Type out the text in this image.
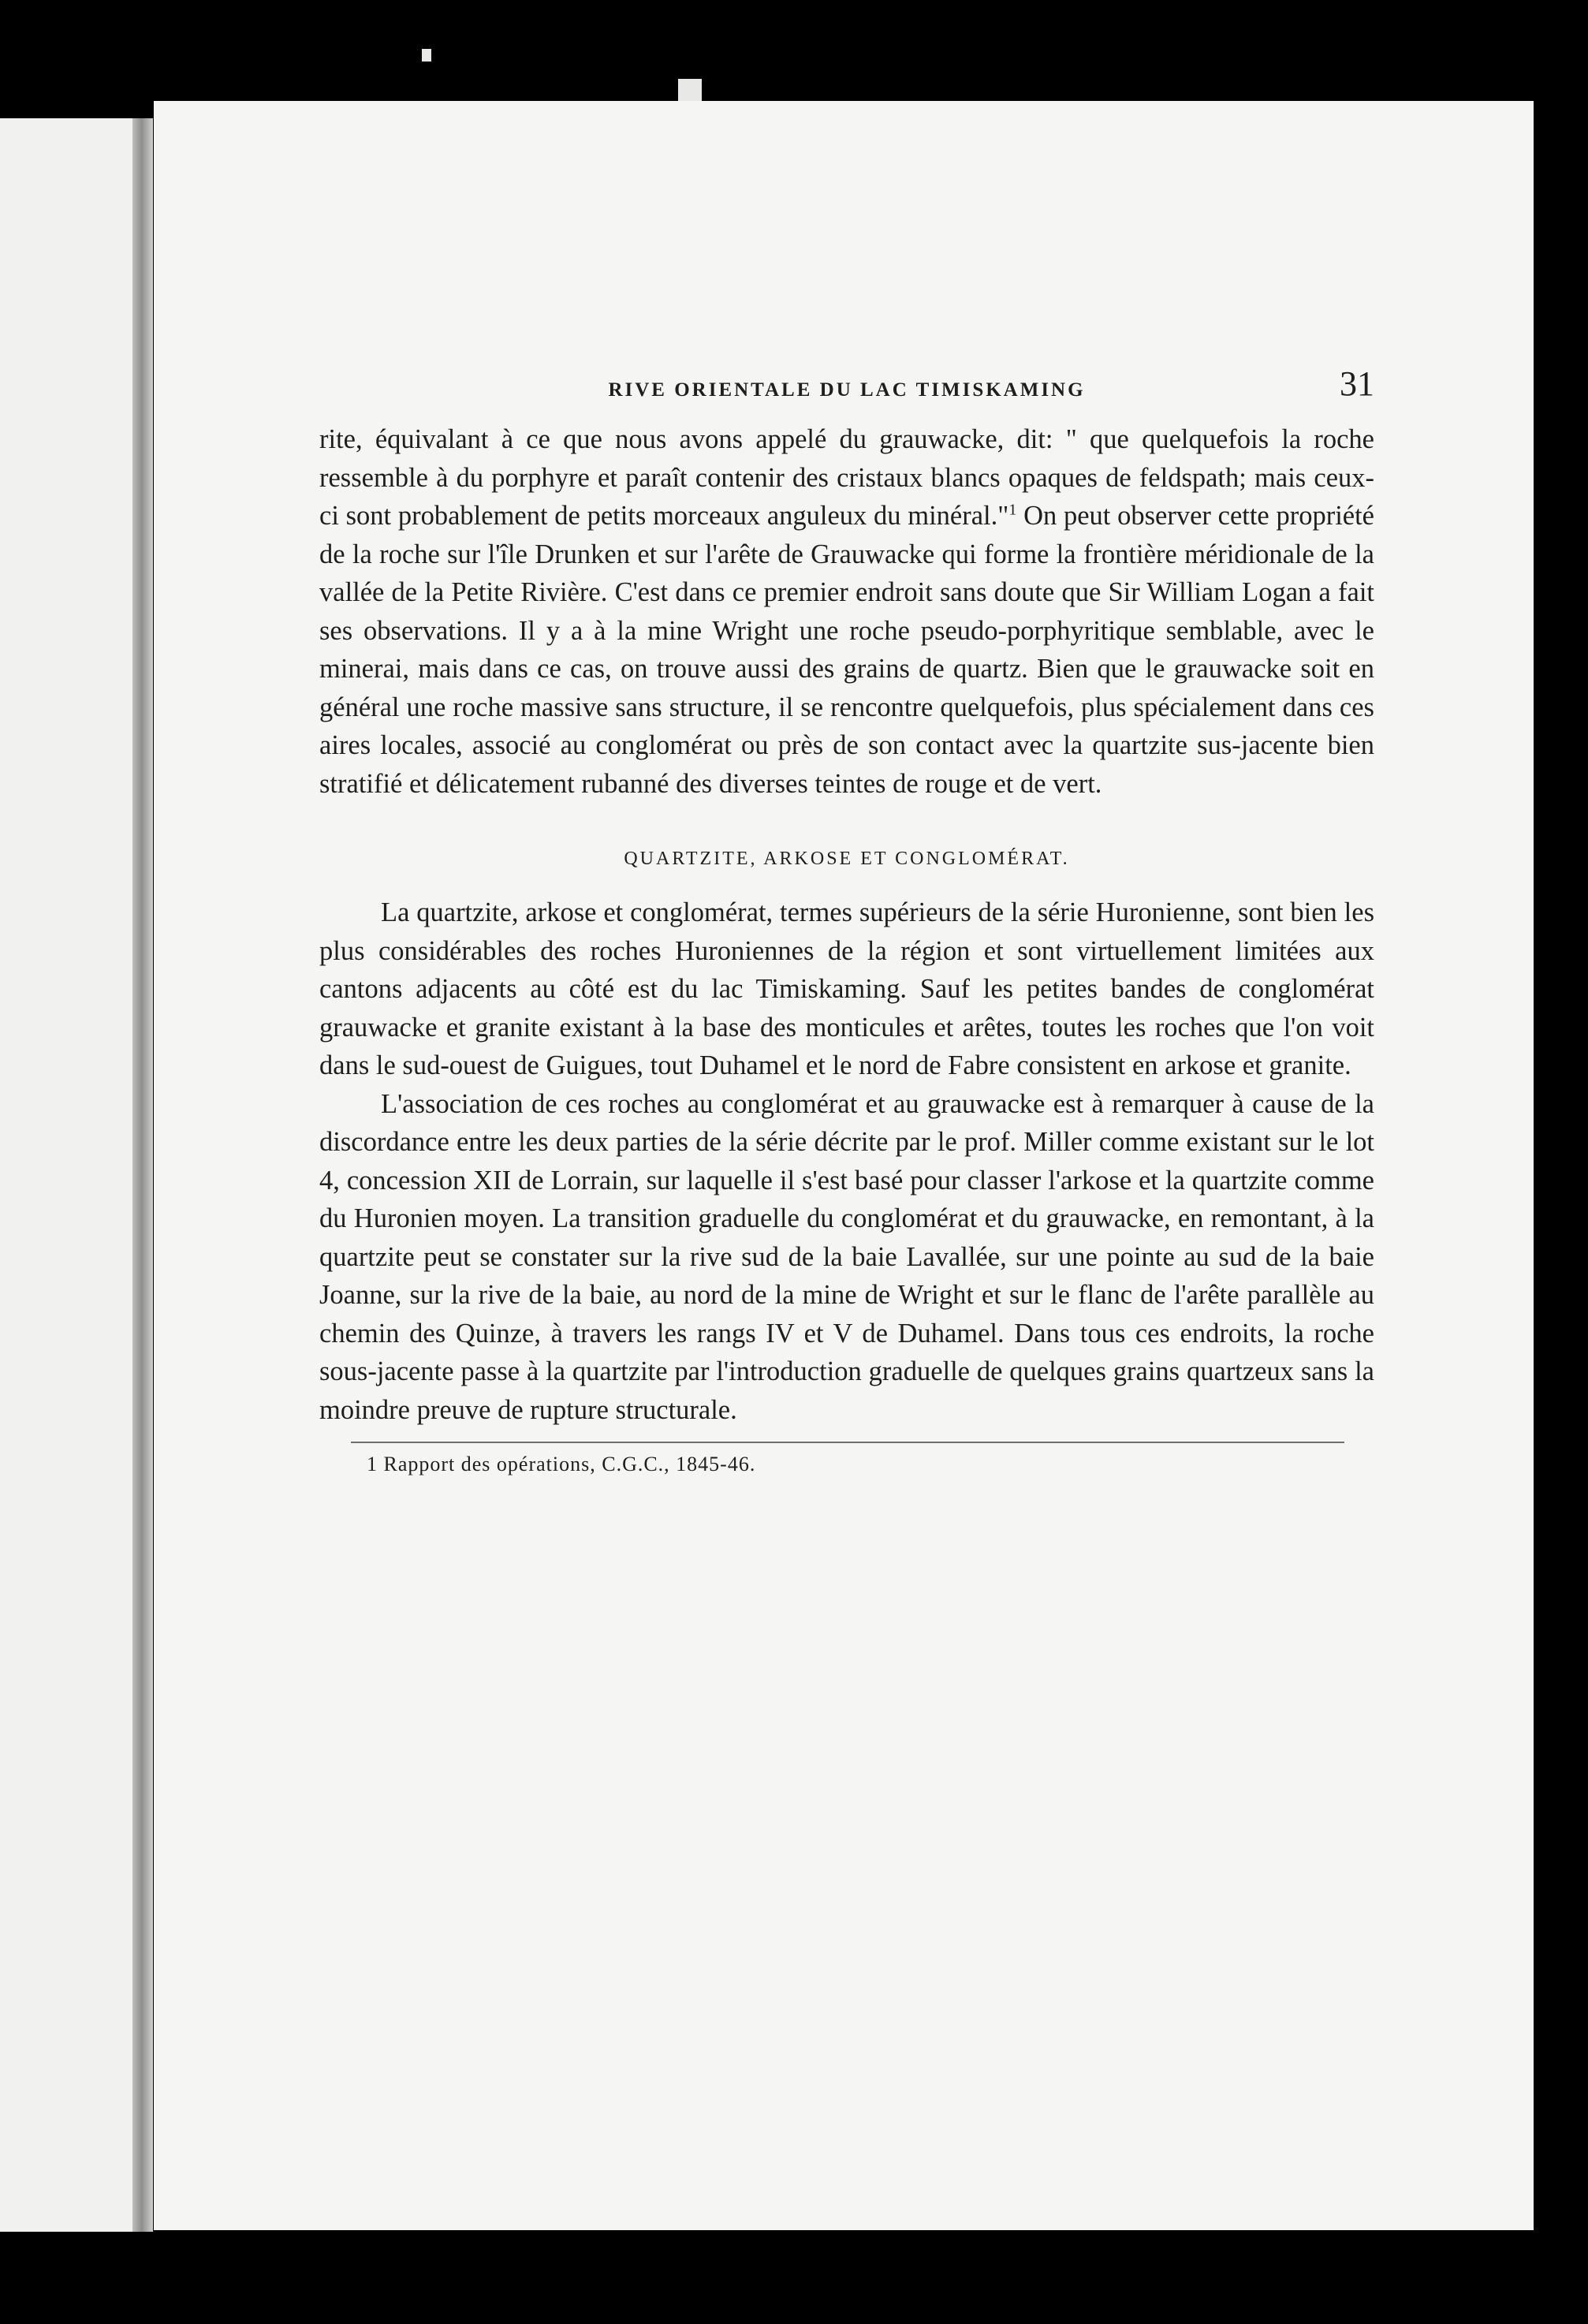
RIVE ORIENTALE DU LAC TIMISKAMING	31

rite, équivalant à ce que nous avons appelé du grauwacke, dit: " que quelquefois la roche ressemble à du porphyre et paraît contenir des cristaux blancs opaques de feldspath; mais ceux-ci sont probablement de petits morceaux anguleux du minéral."$^1$ On peut observer cette propriété de la roche sur l'île Drunken et sur l'arête de Grauwacke qui forme la frontière méridionale de la vallée de la Petite Rivière. C'est dans ce premier endroit sans doute que Sir William Logan a fait ses observations. Il y a à la mine Wright une roche pseudo-porphyritique semblable, avec le minerai, mais dans ce cas, on trouve aussi des grains de quartz. Bien que le grauwacke soit en général une roche massive sans structure, il se rencontre quelquefois, plus spécialement dans ces aires locales, associé au conglomérat ou près de son contact avec la quartzite sus-jacente bien stratifié et délicatement rubanné des diverses teintes de rouge et de vert.

QUARTZITE, ARKOSE ET CONGLOMÉRAT.

La quartzite, arkose et conglomérat, termes supérieurs de la série Huronienne, sont bien les plus considérables des roches Huroniennes de la région et sont virtuellement limitées aux cantons adjacents au côté est du lac Timiskaming. Sauf les petites bandes de conglomérat grauwacke et granite existant à la base des monticules et arêtes, toutes les roches que l'on voit dans le sud-ouest de Guigues, tout Duhamel et le nord de Fabre consistent en arkose et granite.

L'association de ces roches au conglomérat et au grauwacke est à remarquer à cause de la discordance entre les deux parties de la série décrite par le prof. Miller comme existant sur le lot 4, concession XII de Lorrain, sur laquelle il s'est basé pour classer l'arkose et la quartzite comme du Huronien moyen. La transition graduelle du conglomérat et du grauwacke, en remontant, à la quartzite peut se constater sur la rive sud de la baie Lavallée, sur une pointe au sud de la baie Joanne, sur la rive de la baie, au nord de la mine de Wright et sur le flanc de l'arête parallèle au chemin des Quinze, à travers les rangs IV et V de Duhamel. Dans tous ces endroits, la roche sous-jacente passe à la quartzite par l'introduction graduelle de quelques grains quartzeux sans la moindre preuve de rupture structurale.

1 Rapport des opérations, C.G.C., 1845-46.
